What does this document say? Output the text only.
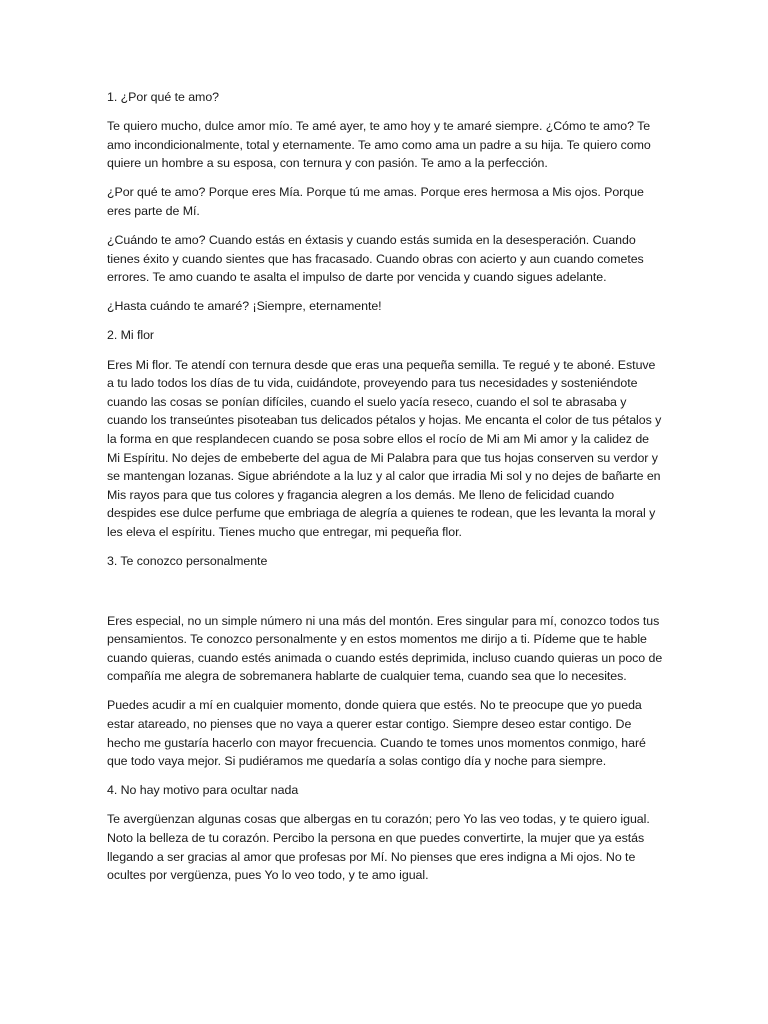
1. ¿Por qué te amo?

Te quiero mucho, dulce amor mío. Te amé ayer, te amo hoy y te amaré siempre. ¿Cómo te amo? Te amo incondicionalmente, total y eternamente. Te amo como ama un padre a su hija. Te quiero como quiere un hombre a su esposa, con ternura y con pasión. Te amo a la perfección.

¿Por qué te amo? Porque eres Mía. Porque tú me amas. Porque eres hermosa a Mis ojos. Porque eres parte de Mí.

¿Cuándo te amo? Cuando estás en éxtasis y cuando estás sumida en la desesperación. Cuando tienes éxito y cuando sientes que has fracasado. Cuando obras con acierto y aun cuando cometes errores. Te amo cuando te asalta el impulso de darte por vencida y cuando sigues adelante.

¿Hasta cuándo te amaré? ¡Siempre, eternamente!

2. Mi flor

Eres Mi flor. Te atendí con ternura desde que eras una pequeña semilla. Te regué y te aboné. Estuve a tu lado todos los días de tu vida, cuidándote, proveyendo para tus necesidades y sosteniéndote cuando las cosas se ponían difíciles, cuando el suelo yacía reseco, cuando el sol te abrasaba y cuando los transeúntes pisoteaban tus delicados pétalos y hojas. Me encanta el color de tus pétalos y la forma en que resplandecen cuando se posa sobre ellos el rocío de Mi am Mi amor y la calidez de Mi Espíritu. No dejes de embeberte del agua de Mi Palabra para que tus hojas conserven su verdor y se mantengan lozanas. Sigue abriéndote a la luz y al calor que irradia Mi sol y no dejes de bañarte en Mis rayos para que tus colores y fragancia alegren a los demás. Me lleno de felicidad cuando despides ese dulce perfume que embriaga de alegría a quienes te rodean, que les levanta la moral y les eleva el espíritu. Tienes mucho que entregar, mi pequeña flor.

3. Te conozco personalmente

Eres especial, no un simple número ni una más del montón. Eres singular para mí, conozco todos tus pensamientos. Te conozco personalmente y en estos momentos me dirijo a ti. Pídeme que te hable cuando quieras, cuando estés animada o cuando estés deprimida, incluso cuando quieras un poco de compañía me alegra de sobremanera hablarte de cualquier tema, cuando sea que lo necesites.

Puedes acudir a mí en cualquier momento, donde quiera que estés. No te preocupe que yo pueda estar atareado, no pienses que no vaya a querer estar contigo. Siempre deseo estar contigo. De hecho me gustaría hacerlo con mayor frecuencia. Cuando te tomes unos momentos conmigo, haré que todo vaya mejor. Si pudiéramos me quedaría a solas contigo día y noche para siempre.

4. No hay motivo para ocultar nada

Te avergüenzan algunas cosas que albergas en tu corazón; pero Yo las veo todas, y te quiero igual. Noto la belleza de tu corazón. Percibo la persona en que puedes convertirte, la mujer que ya estás llegando a ser gracias al amor que profesas por Mí. No pienses que eres indigna a Mi ojos. No te ocultes por vergüenza, pues Yo lo veo todo, y te amo igual.
